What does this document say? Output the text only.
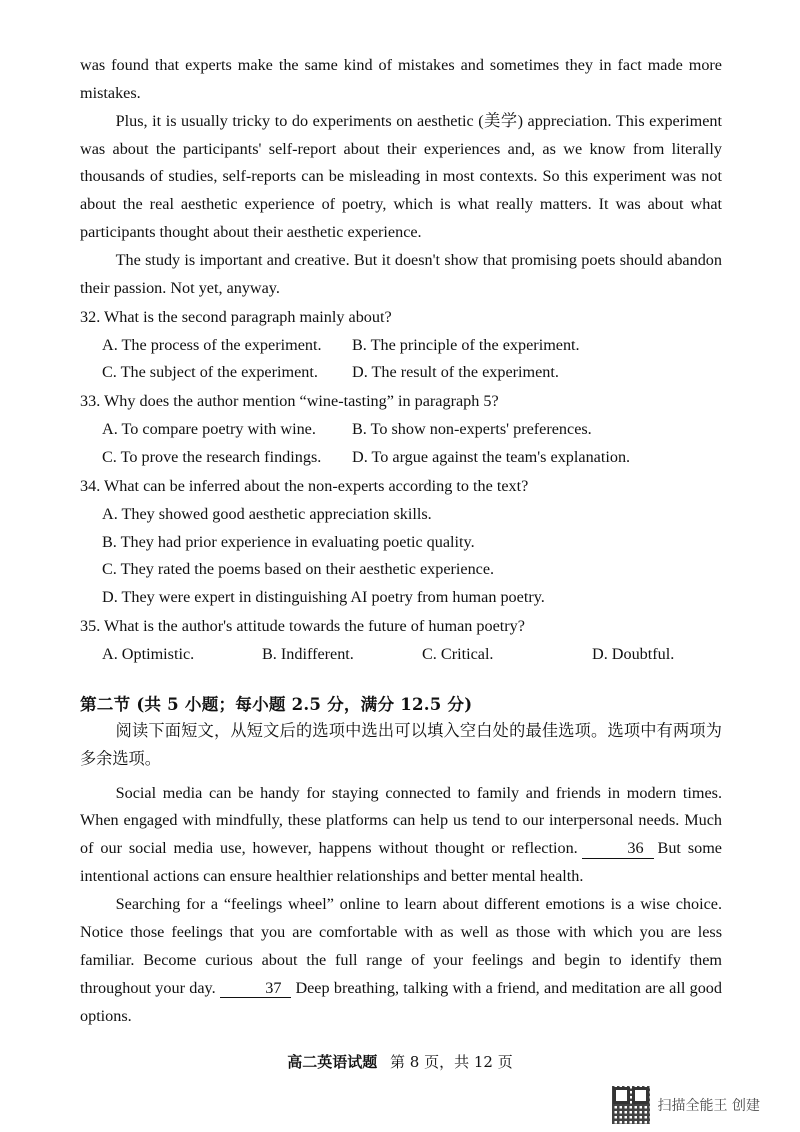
was found that experts make the same kind of mistakes and sometimes they in fact made more mistakes.

Plus, it is usually tricky to do experiments on aesthetic (美学) appreciation. This experiment was about the participants' self-report about their experiences and, as we know from literally thousands of studies, self-reports can be misleading in most contexts. So this experiment was not about the real aesthetic experience of poetry, which is what really matters. It was about what participants thought about their aesthetic experience.

The study is important and creative. But it doesn't show that promising poets should abandon their passion. Not yet, anyway.

32. What is the second paragraph mainly about?

A. The process of the experiment. B. The principle of the experiment.

C. The subject of the experiment. D. The result of the experiment.

33. Why does the author mention “wine-tasting” in paragraph 5?

A. To compare poetry with wine. B. To show non-experts' preferences.

C. To prove the research findings. D. To argue against the team's explanation.

34. What can be inferred about the non-experts according to the text?

A. They showed good aesthetic appreciation skills.

B. They had prior experience in evaluating poetic quality.

C. They rated the poems based on their aesthetic experience.

D. They were expert in distinguishing AI poetry from human poetry.

35. What is the author's attitude towards the future of human poetry?

A. Optimistic.	B. Indifferent.	C. Critical.	D. Doubtful.

第二节 (共 5 小题；每小题 2.5 分，满分 12.5 分)

阅读下面短文，从短文后的选项中选出可以填入空白处的最佳选项。选项中有两项为多余选项。

Social media can be handy for staying connected to family and friends in modern times. When engaged with mindfully, these platforms can help us tend to our interpersonal needs. Much of our social media use, however, happens without thought or reflection.	36 But some intentional actions can ensure healthier relationships and better mental health.

Searching for a “feelings wheel” online to learn about different emotions is a wise choice. Notice those feelings that you are comfortable with as well as those with which you are less familiar. Become curious about the full range of your feelings and begin to identify them throughout your day.	37 Deep breathing, talking with a friend, and meditation are all good options.

高二英语试题 第 8 页，共 12 页
扫描全能王 创建
